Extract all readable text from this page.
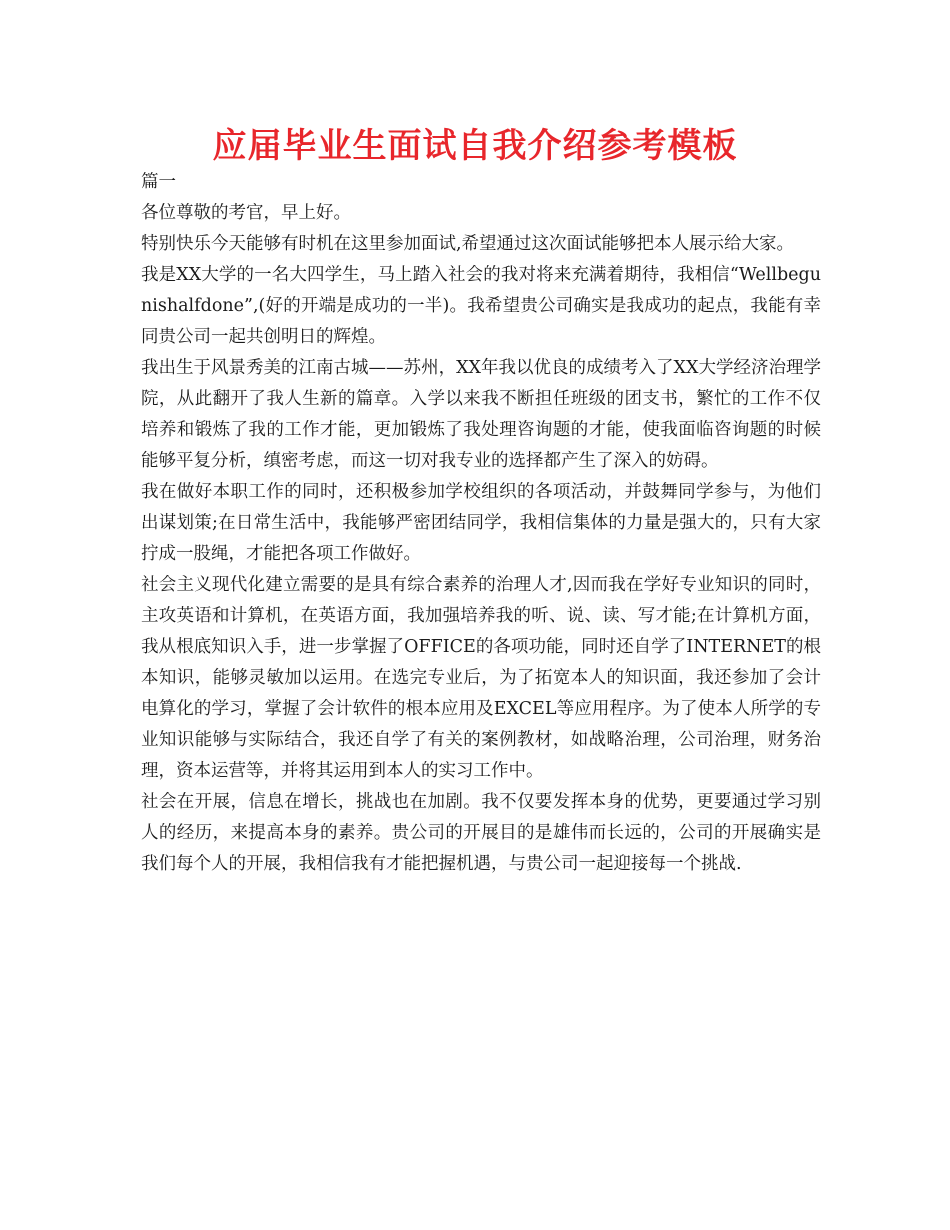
应届毕业生面试自我介绍参考模板

篇一

各位尊敬的考官，早上好。

特别快乐今天能够有时机在这里参加面试,希望通过这次面试能够把本人展示给大家。

我是XX大学的一名大四学生，马上踏入社会的我对将来充满着期待，我相信“Wellbegunishalfdone”,(好的开端是成功的一半)。我希望贵公司确实是我成功的起点，我能有幸同贵公司一起共创明日的辉煌。

我出生于风景秀美的江南古城——苏州，XX年我以优良的成绩考入了XX大学经济治理学院，从此翻开了我人生新的篇章。入学以来我不断担任班级的团支书，繁忙的工作不仅培养和锻炼了我的工作才能，更加锻炼了我处理咨询题的才能，使我面临咨询题的时候能够平复分析，缜密考虑，而这一切对我专业的选择都产生了深入的妨碍。

我在做好本职工作的同时，还积极参加学校组织的各项活动，并鼓舞同学参与，为他们出谋划策;在日常生活中，我能够严密团结同学，我相信集体的力量是强大的，只有大家拧成一股绳，才能把各项工作做好。

社会主义现代化建立需要的是具有综合素养的治理人才,因而我在学好专业知识的同时，主攻英语和计算机，在英语方面，我加强培养我的听、说、读、写才能;在计算机方面，我从根底知识入手，进一步掌握了OFFICE的各项功能，同时还自学了INTERNET的根本知识，能够灵敏加以运用。在选完专业后，为了拓宽本人的知识面，我还参加了会计电算化的学习，掌握了会计软件的根本应用及EXCEL等应用程序。为了使本人所学的专业知识能够与实际结合，我还自学了有关的案例教材，如战略治理，公司治理，财务治理，资本运营等，并将其运用到本人的实习工作中。

社会在开展，信息在增长，挑战也在加剧。我不仅要发挥本身的优势，更要通过学习别人的经历，来提高本身的素养。贵公司的开展目的是雄伟而长远的，公司的开展确实是我们每个人的开展，我相信我有才能把握机遇，与贵公司一起迎接每一个挑战.
